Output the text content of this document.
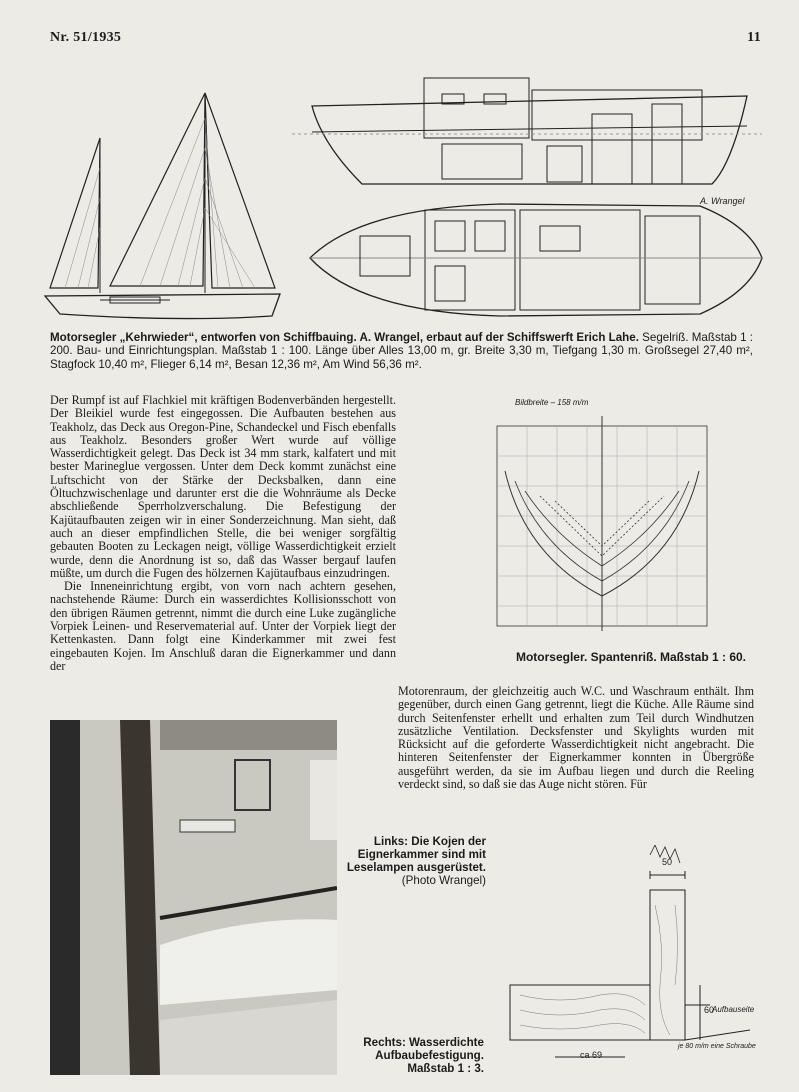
Nr. 51/1935	11
A. Wrangel
Motorsegler „Kehrwieder“, entworfen von Schiffbauing. A. Wrangel, erbaut auf der Schiffswerft Erich Lahe. Segelriß. Maßstab 1 : 200. Bau- und Einrichtungsplan. Maßstab 1 : 100. Länge über Alles 13,00 m, gr. Breite 3,30 m, Tiefgang 1,30 m. Großsegel 27,40 m², Stagfock 10,40 m², Flieger 6,14 m², Besan 12,36 m², Am Wind 56,36 m².

Der Rumpf ist auf Flachkiel mit kräftigen Bodenverbänden hergestellt. Der Bleikiel wurde fest eingegossen. Die Aufbauten bestehen aus Teakholz, das Deck aus Oregon-Pine, Schandeckel und Fisch ebenfalls aus Teakholz. Besonders großer Wert wurde auf völlige Wasserdichtigkeit gelegt. Das Deck ist 34 mm stark, kalfatert und mit bester Marineglue vergossen. Unter dem Deck kommt zunächst eine Luftschicht von der Stärke der Decksbalken, dann eine Öltuchzwischenlage und darunter erst die die Wohnräume als Decke abschließende Sperrholzverschalung. Die Befestigung der Kajütaufbauten zeigen wir in einer Sonderzeichnung. Man sieht, daß auch an dieser empfindlichen Stelle, die bei weniger sorgfältig gebauten Booten zu Leckagen neigt, völlige Wasserdichtigkeit erzielt wurde, denn die Anordnung ist so, daß das Wasser bergauf laufen müßte, um durch die Fugen des hölzernen Kajütaufbaus einzudringen.

Die Inneneinrichtung ergibt, von vorn nach achtern gesehen, nachstehende Räume: Durch ein wasserdichtes Kollisionsschott von den übrigen Räumen getrennt, nimmt die durch eine Luke zugängliche Vorpiek Leinen- und Reservematerial auf. Unter der Vorpiek liegt der Kettenkasten. Dann folgt eine Kinderkammer mit zwei fest eingebauten Kojen. Im Anschluß daran die Eignerkammer und dann der

Bildbreite – 158 m/m
Motorsegler. Spantenriß. Maßstab 1 : 60.

Motorenraum, der gleichzeitig auch W.C. und Waschraum enthält. Ihm gegenüber, durch einen Gang getrennt, liegt die Küche. Alle Räume sind durch Seitenfenster erhellt und erhalten zum Teil durch Windhutzen zusätzliche Ventilation. Decksfenster und Skylights wurden mit Rücksicht auf die geforderte Wasserdichtigkeit nicht angebracht. Die hinteren Seitenfenster der Eignerkammer konnten in Übergröße ausgeführt werden, da sie im Aufbau liegen und durch die Reeling verdeckt sind, so daß sie das Auge nicht stören. Für

Links: Die Kojen der Eignerkammer sind mit Leselampen ausgerüstet.
(Photo Wrangel)
50
ca 69
60
Aufbauseite
je 80 m/m eine Schraube
Rechts: Wasserdichte Aufbaubefestigung. Maßstab 1 : 3.
